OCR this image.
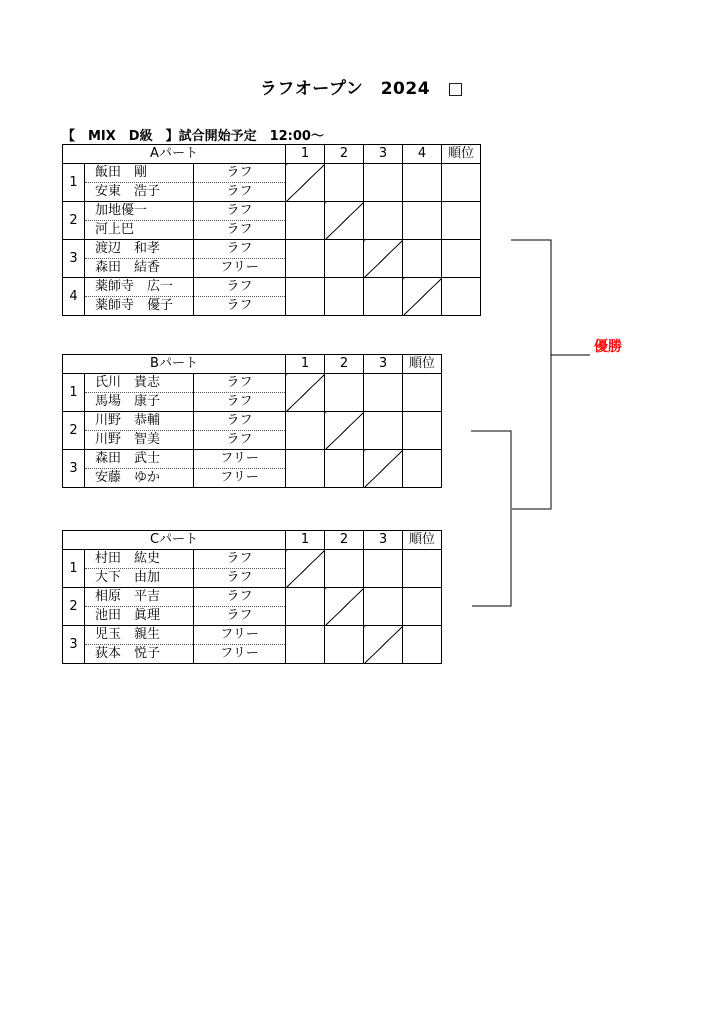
ラフオープン　2024　□
【　MIX　D級　】試合開始予定　12:00～
Aパート			1	2	3	4	順位
1	飯田　剛	ラフ					
	安東　浩子	ラフ					
2	加地優一	ラフ					
	河上巴	ラフ					
3	渡辺　和孝	ラフ					
	森田　結香	フリー					
4	薬師寺　広一	ラフ					
	薬師寺　優子	ラフ					
Bパート			1	2	3	順位
1	氏川　貴志	ラフ				
	馬場　康子	ラフ				
2	川野　恭輔	ラフ				
	川野　智美	ラフ				
3	森田　武士	フリー				
	安藤　ゆか	フリー				
Cパート			1	2	3	順位
1	村田　紘史	ラフ				
	大下　由加	ラフ				
2	相原　平吉	ラフ				
	池田　眞理	ラフ				
3	児玉　親生	フリー				
	荻本　悦子	フリー				
優勝
